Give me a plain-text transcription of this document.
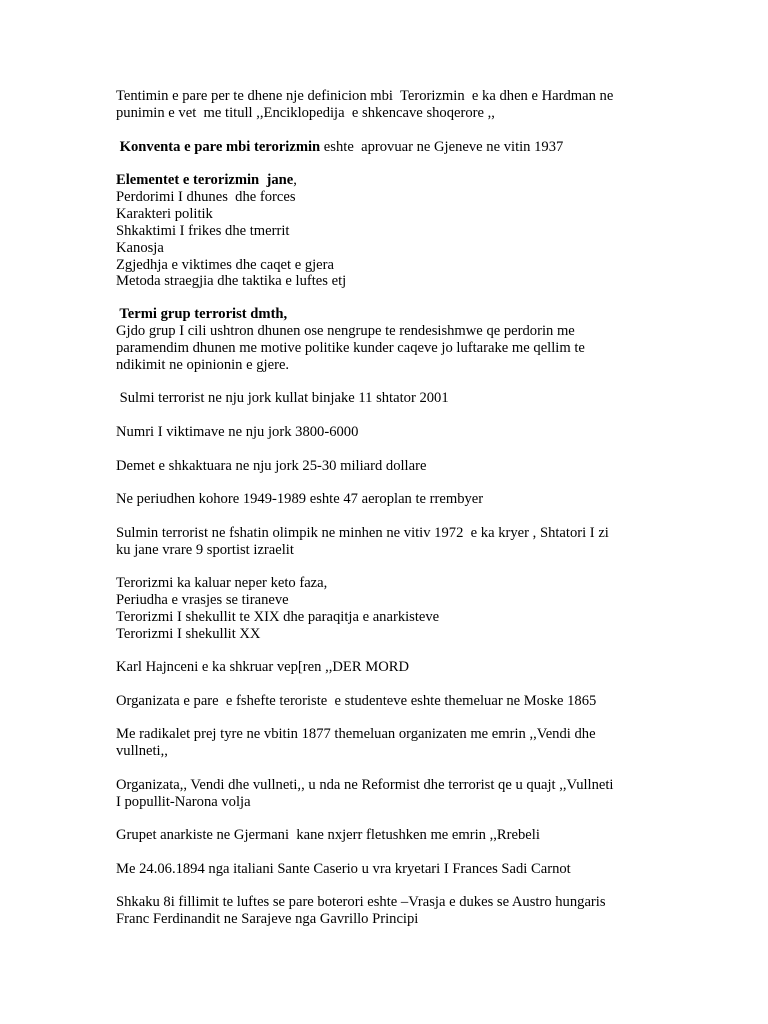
Tentimin e pare per te dhene nje definicion mbi  Terorizmin  e ka dhen e Hardman ne
punimin e vet  me titull ,,Enciklopedija  e shkencave shoqerore ,,
Konventa e pare mbi terorizmin eshte  aprovuar ne Gjeneve ne vitin 1937
Elementet e terorizmin  jane,
Perdorimi I dhunes  dhe forces
Karakteri politik
Shkaktimi I frikes dhe tmerrit
Kanosja
Zgjedhja e viktimes dhe caqet e gjera
Metoda straegjia dhe taktika e luftes etj
Termi grup terrorist dmth,
Gjdo grup I cili ushtron dhunen ose nengrupe te rendesishmwe qe perdorin me
paramendim dhunen me motive politike kunder caqeve jo luftarake me qellim te
ndikimit ne opinionin e gjere.
Sulmi terrorist ne nju jork kullat binjake 11 shtator 2001
Numri I viktimave ne nju jork 3800-6000
Demet e shkaktuara ne nju jork 25-30 miliard dollare
Ne periudhen kohore 1949-1989 eshte 47 aeroplan te rrembyer
Sulmin terrorist ne fshatin olimpik ne minhen ne vitiv 1972  e ka kryer , Shtatori I zi
ku jane vrare 9 sportist izraelit
Terorizmi ka kaluar neper keto faza,
Periudha e vrasjes se tiraneve
Terorizmi I shekullit te XIX dhe paraqitja e anarkisteve
Terorizmi I shekullit XX
Karl Hajnceni e ka shkruar vep[ren ,,DER MORD
Organizata e pare  e fshefte teroriste  e studenteve eshte themeluar ne Moske 1865
Me radikalet prej tyre ne vbitin 1877 themeluan organizaten me emrin ,,Vendi dhe
vullneti,,
Organizata,, Vendi dhe vullneti,, u nda ne Reformist dhe terrorist qe u quajt ,,Vullneti
I popullit-Narona volja
Grupet anarkiste ne Gjermani  kane nxjerr fletushken me emrin ,,Rrebeli
Me 24.06.1894 nga italiani Sante Caserio u vra kryetari I Frances Sadi Carnot
Shkaku 8i fillimit te luftes se pare boterori eshte –Vrasja e dukes se Austro hungaris
Franc Ferdinandit ne Sarajeve nga Gavrillo Principi
